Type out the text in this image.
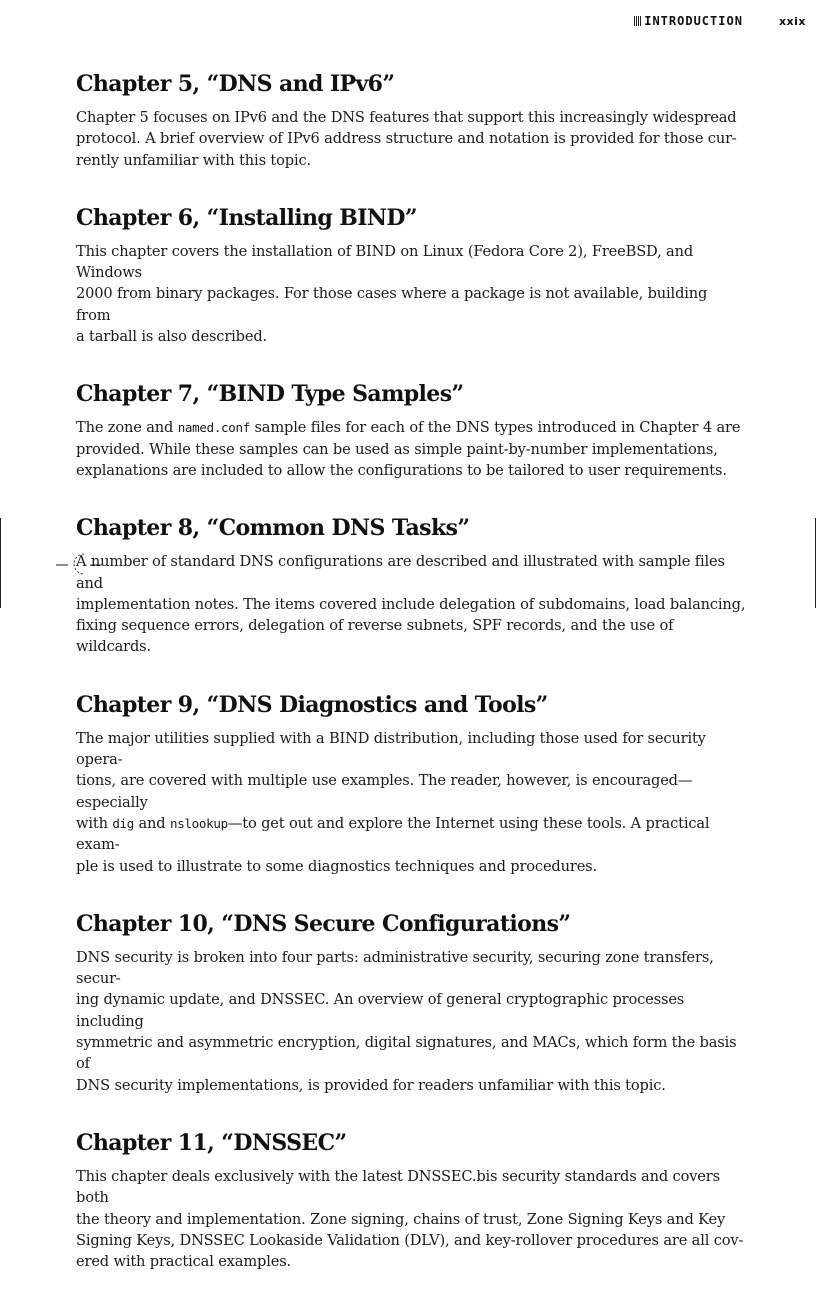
INTRODUCTION	xxix
Chapter 5, “DNS and IPv6”

Chapter 5 focuses on IPv6 and the DNS features that support this increasingly widespread
protocol. A brief overview of IPv6 address structure and notation is provided for those cur-
rently unfamiliar with this topic.

Chapter 6, “Installing BIND”

This chapter covers the installation of BIND on Linux (Fedora Core 2), FreeBSD, and Windows
2000 from binary packages. For those cases where a package is not available, building from
a tarball is also described.

Chapter 7, “BIND Type Samples”

The zone and named.conf sample files for each of the DNS types introduced in Chapter 4 are
provided. While these samples can be used as simple paint-by-number implementations,
explanations are included to allow the configurations to be tailored to user requirements.

Chapter 8, “Common DNS Tasks”

A number of standard DNS configurations are described and illustrated with sample files and
implementation notes. The items covered include delegation of subdomains, load balancing,
fixing sequence errors, delegation of reverse subnets, SPF records, and the use of wildcards.

Chapter 9, “DNS Diagnostics and Tools”

The major utilities supplied with a BIND distribution, including those used for security opera-
tions, are covered with multiple use examples. The reader, however, is encouraged—especially
with dig and nslookup—to get out and explore the Internet using these tools. A practical exam-
ple is used to illustrate to some diagnostics techniques and procedures.

Chapter 10, “DNS Secure Configurations”

DNS security is broken into four parts: administrative security, securing zone transfers, secur-
ing dynamic update, and DNSSEC. An overview of general cryptographic processes including
symmetric and asymmetric encryption, digital signatures, and MACs, which form the basis of
DNS security implementations, is provided for readers unfamiliar with this topic.

Chapter 11, “DNSSEC”

This chapter deals exclusively with the latest DNSSEC.bis security standards and covers both
the theory and implementation. Zone signing, chains of trust, Zone Signing Keys and Key
Signing Keys, DNSSEC Lookaside Validation (DLV), and key-rollover procedures are all cov-
ered with practical examples.
